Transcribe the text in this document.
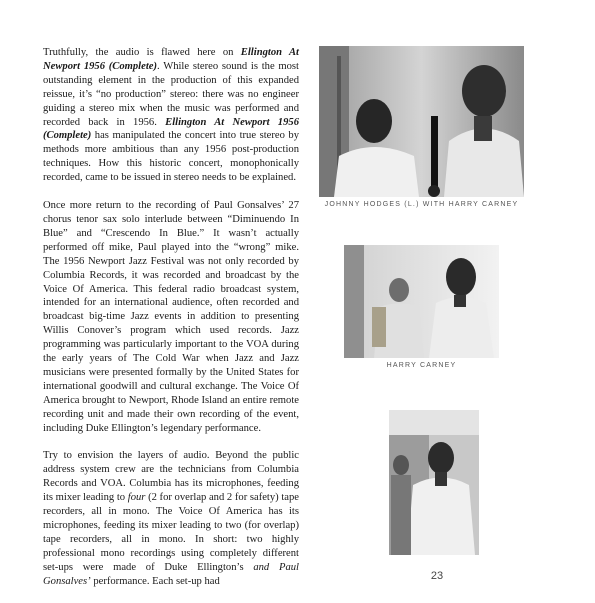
Truthfully, the audio is flawed here on Ellington At Newport 1956 (Complete). While stereo sound is the most outstanding element in the production of this expanded reissue, it’s “no production” stereo: there was no engineer guiding a stereo mix when the music was performed and recorded back in 1956. Ellington At Newport 1956 (Complete) has manipulated the concert into true stereo by methods more ambitious than any 1956 post-production techniques. How this historic concert, monophonically recorded, came to be issued in stereo needs to be explained.

Once more return to the recording of Paul Gonsalves’ 27 chorus tenor sax solo interlude between “Diminuendo In Blue” and “Crescendo In Blue.” It wasn’t actually performed off mike, Paul played into the “wrong” mike. The 1956 Newport Jazz Festival was not only recorded by Columbia Records, it was recorded and broadcast by the Voice Of America. This federal radio broadcast system, intended for an international audience, often recorded and broadcast big-time Jazz events in addition to presenting Willis Conover’s program which used records. Jazz programming was particularly important to the VOA during the early years of The Cold War when Jazz and Jazz musicians were presented formally by the United States for international goodwill and cultural exchange. The Voice Of America brought to Newport, Rhode Island an entire remote recording unit and made their own recording of the event, including Duke Ellington’s legendary performance.

Try to envision the layers of audio. Beyond the public address system crew are the technicians from Columbia Records and VOA. Columbia has its microphones, feeding its mixer leading to four (2 for overlap and 2 for safety) tape recorders, all in mono. The Voice Of America has its microphones, feeding its mixer leading to two (for overlap) tape recorders, all in mono. In short: two highly professional mono recordings using completely different set-ups were made of Duke Ellington’s and Paul Gonsalves’ performance. Each set-up had

JOHNNY HODGES (L.) WITH HARRY CARNEY
HARRY CARNEY
23
